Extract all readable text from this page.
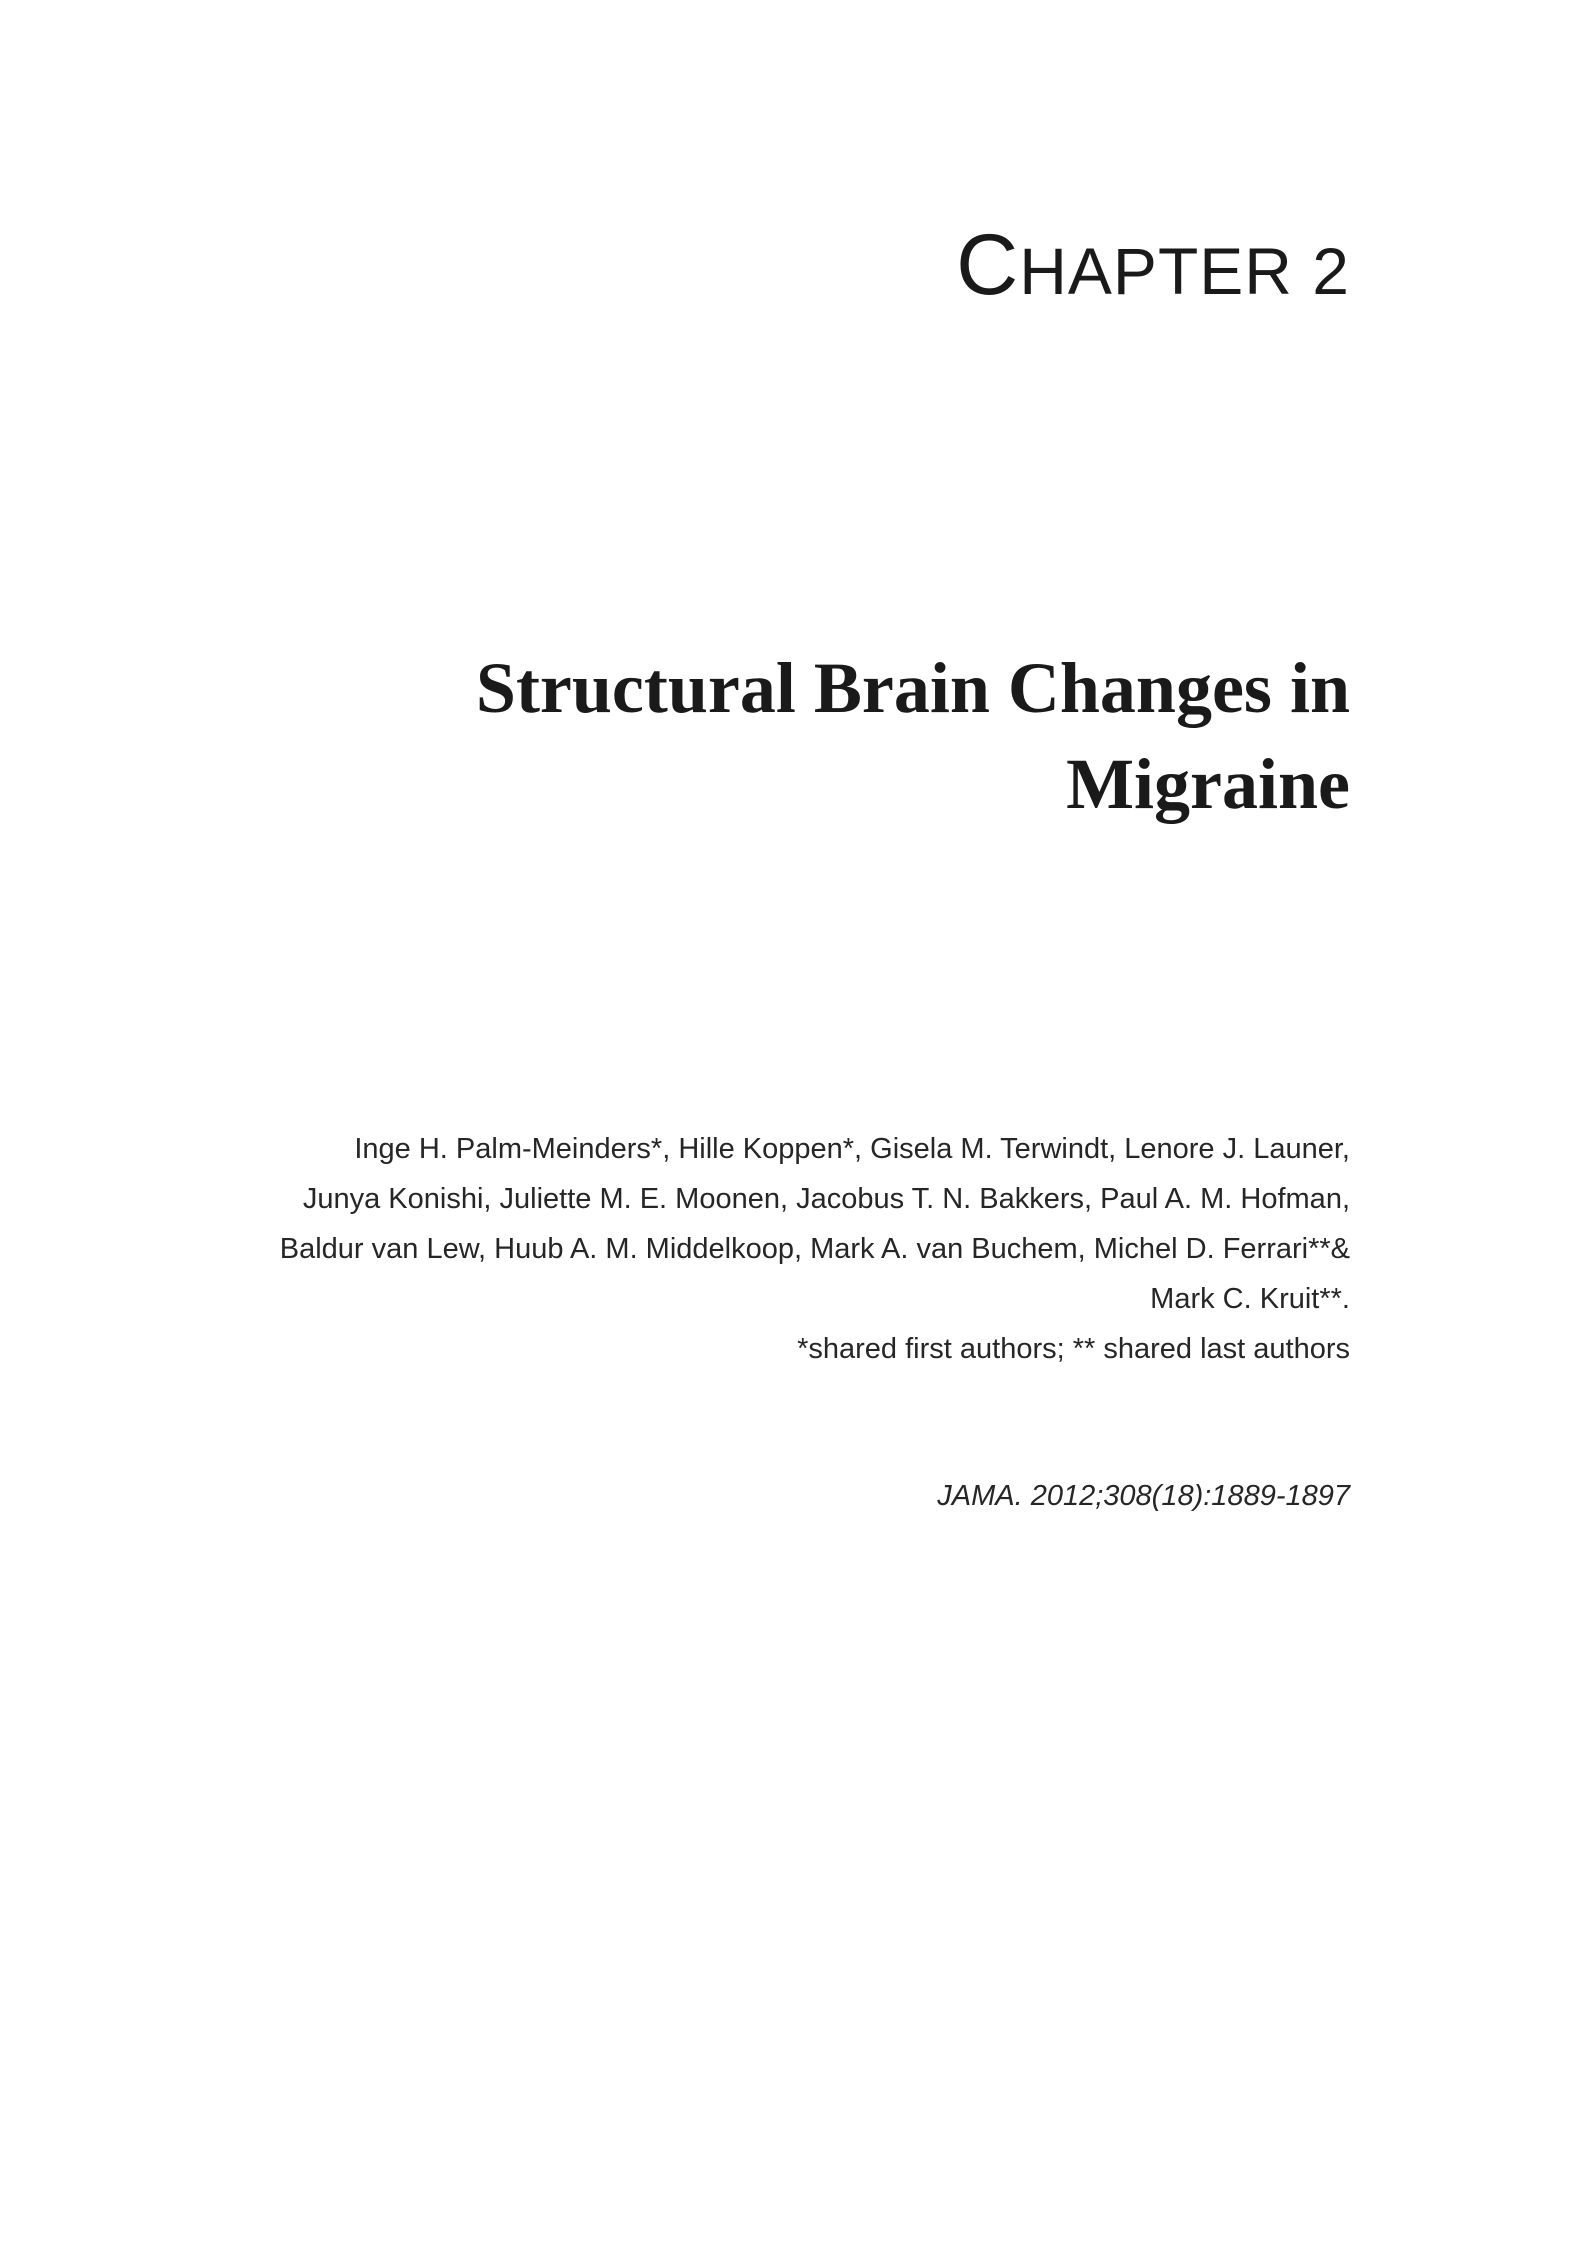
CHAPTER 2
Structural Brain Changes in
Migraine
Inge H. Palm-Meinders*, Hille Koppen*, Gisela M. Terwindt, Lenore J. Launer,
Junya Konishi, Juliette M. E. Moonen, Jacobus T. N. Bakkers, Paul A. M. Hofman,
Baldur van Lew, Huub A. M. Middelkoop, Mark A. van Buchem, Michel D. Ferrari**&
Mark C. Kruit**.
*shared first authors; ** shared last authors
JAMA. 2012;308(18):1889-1897
